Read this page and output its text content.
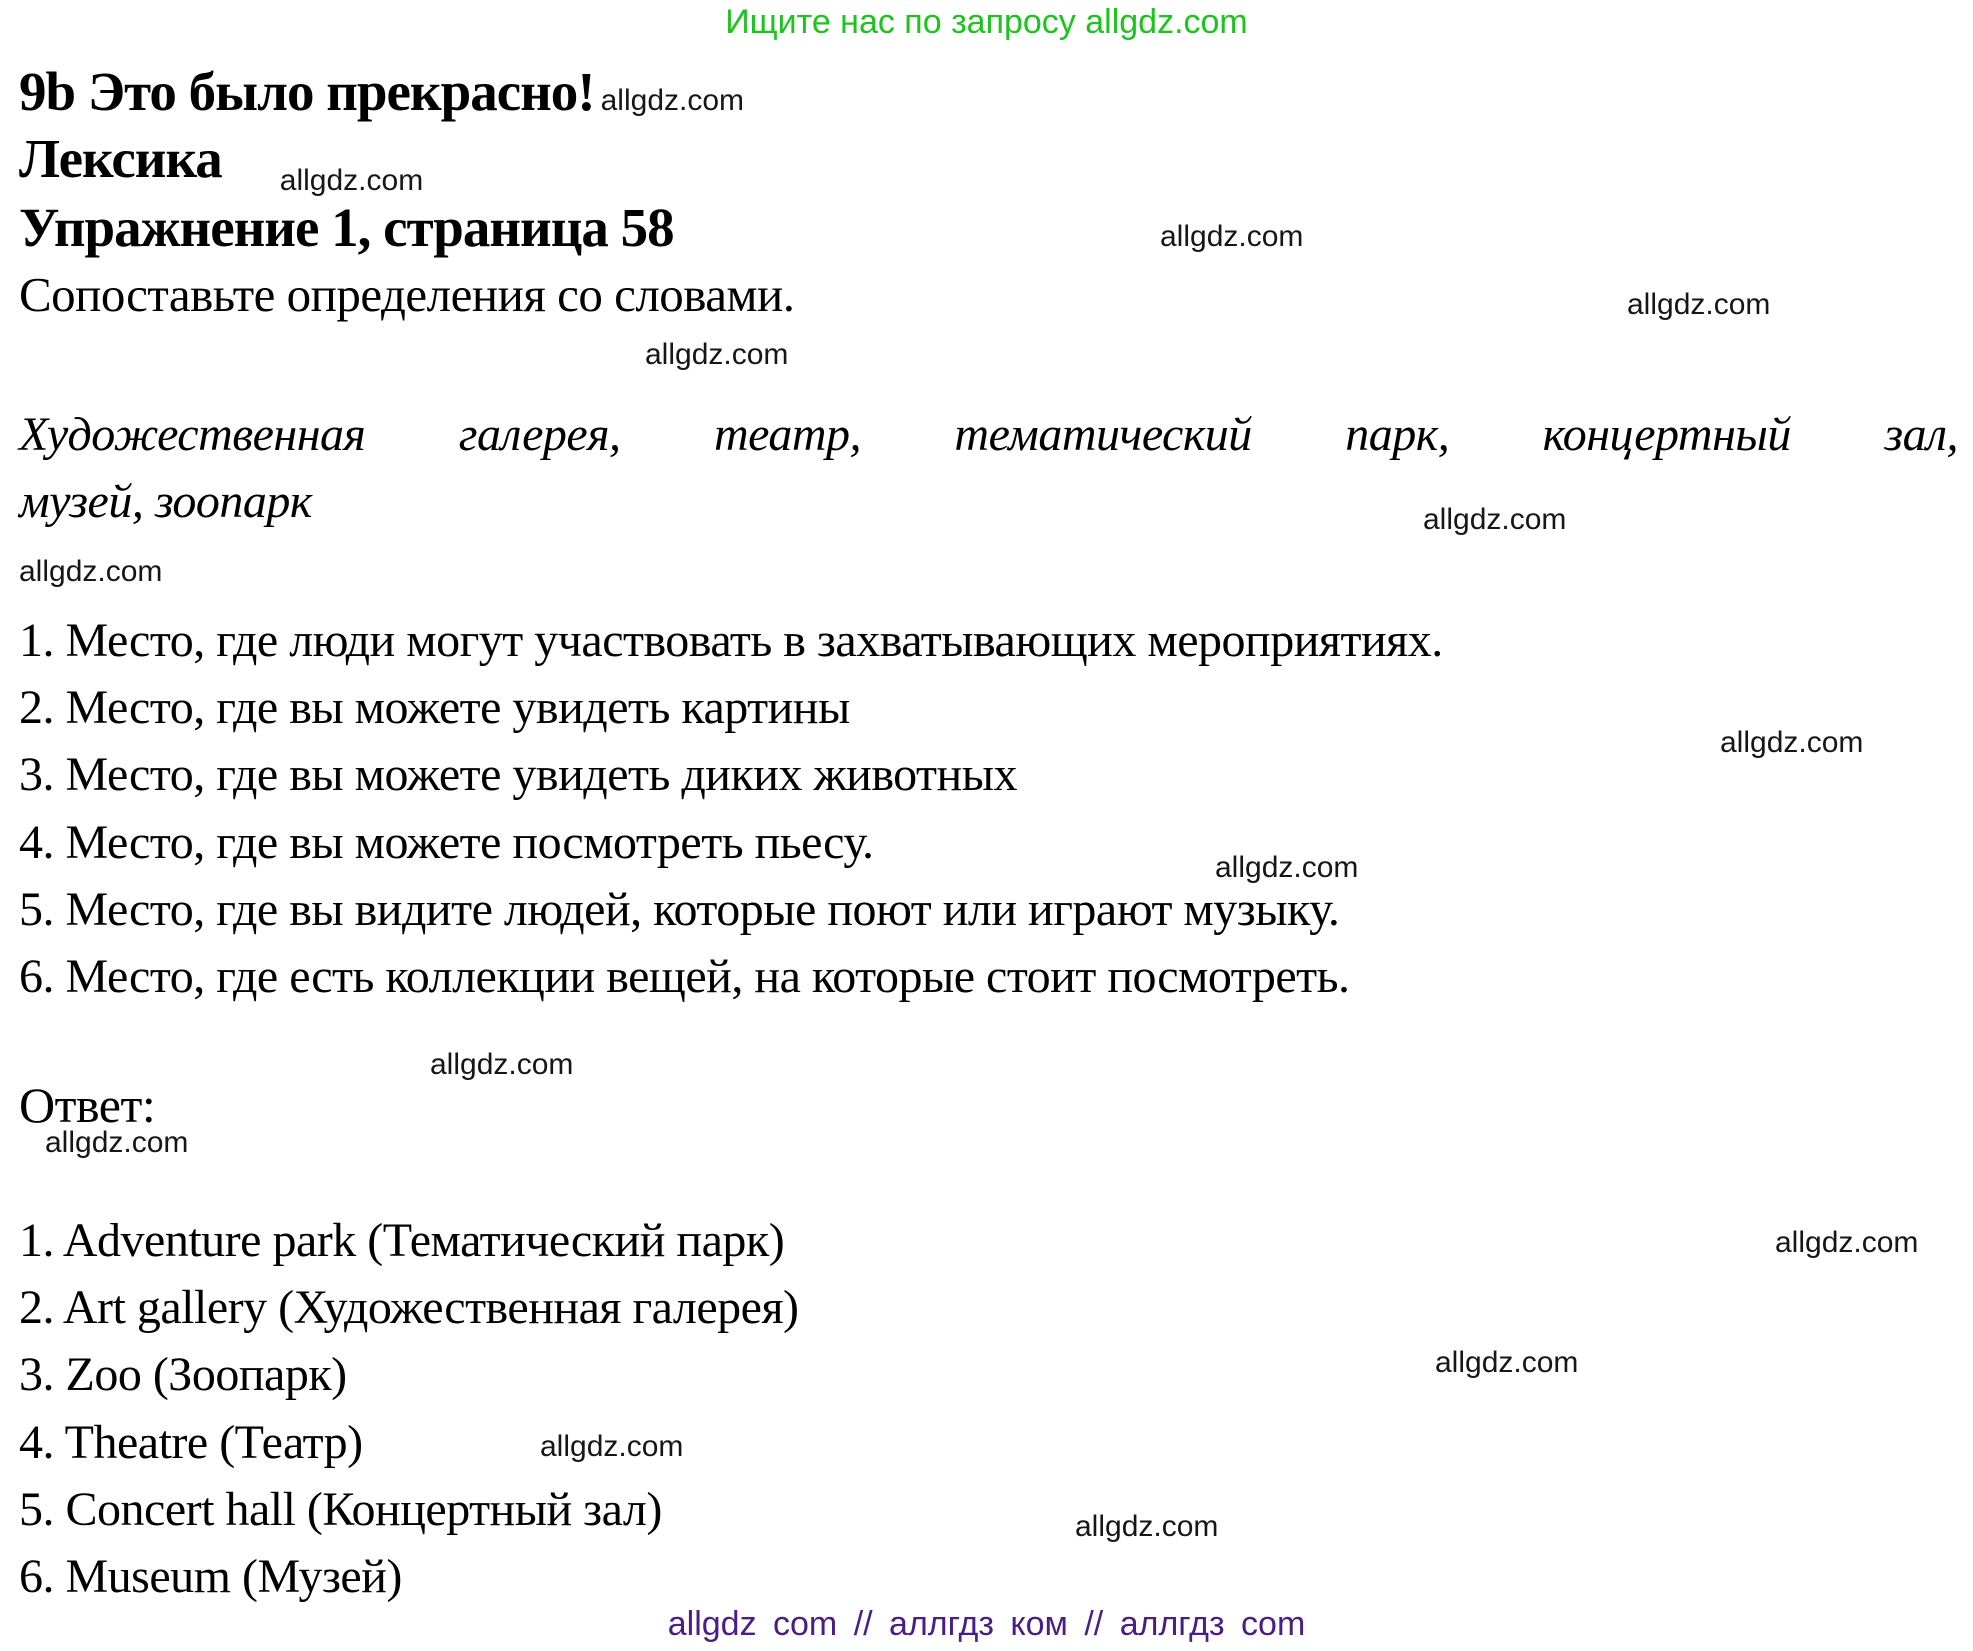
Ищите нас по запросу allgdz.com
9b Это было прекрасно! allgdz.com
Лексика allgdz.com
Упражнение 1, страница 58
Сопоставьте определения со словами.
allgdz.com
allgdz.com
allgdz.com
Художественная галерея, театр, тематический парк, концертный зал,
музей, зоопарк	allgdz.com
allgdz.com
1. Место, где люди могут участвовать в захватывающих мероприятиях.
2. Место, где вы можете увидеть картины
3. Место, где вы можете увидеть диких животных
4. Место, где вы можете посмотреть пьесу.
5. Место, где вы видите людей, которые поют или играют музыку.
6. Место, где есть коллекции вещей, на которые стоит посмотреть.
allgdz.com
allgdz.com
allgdz.com
Ответ:
allgdz.com
1. Adventure park (Тематический парк)
2. Art gallery (Художественная галерея)
3. Zoo (Зоопарк)
4. Theatre (Театр)
5. Concert hall (Концертный зал)
6. Museum (Музей)
allgdz.com
allgdz.com
allgdz.com
allgdz.com
allgdz com // аллгдз ком // аллгдз com
